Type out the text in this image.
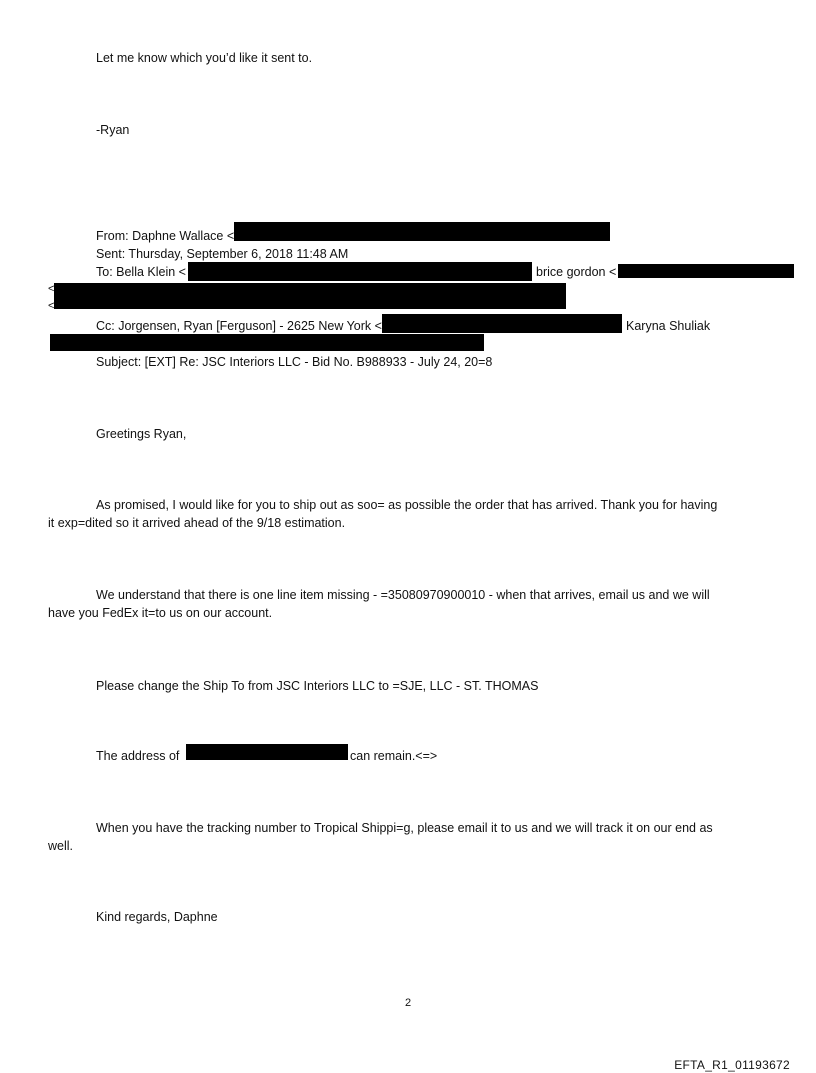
Let me know which you’d like it sent to.
-Ryan
From: Daphne Wallace <
Sent: Thursday, September 6, 2018 11:48 AM
To: Bella Klein <	brice gordon <
<
<
Cc: Jorgensen, Ryan [Ferguson] - 2625 New York <	Karyna Shuliak
Subject: [EXT] Re: JSC Interiors LLC - Bid No. B988933 - July 24, 20=8
Greetings Ryan,
As promised, I would like for you to ship out as soo= as possible the order that has arrived. Thank you for having
it exp=dited so it arrived ahead of the 9/18 estimation.
We understand that there is one line item missing - =35080970900010 - when that arrives, email us and we will
have you FedEx it=to us on our account.
Please change the Ship To from JSC Interiors LLC to =SJE, LLC - ST. THOMAS
The address of	can remain.<=>
When you have the tracking number to Tropical Shippi=g, please email it to us and we will track it on our end as
well.
Kind regards, Daphne
2
EFTA_R1_01193672
